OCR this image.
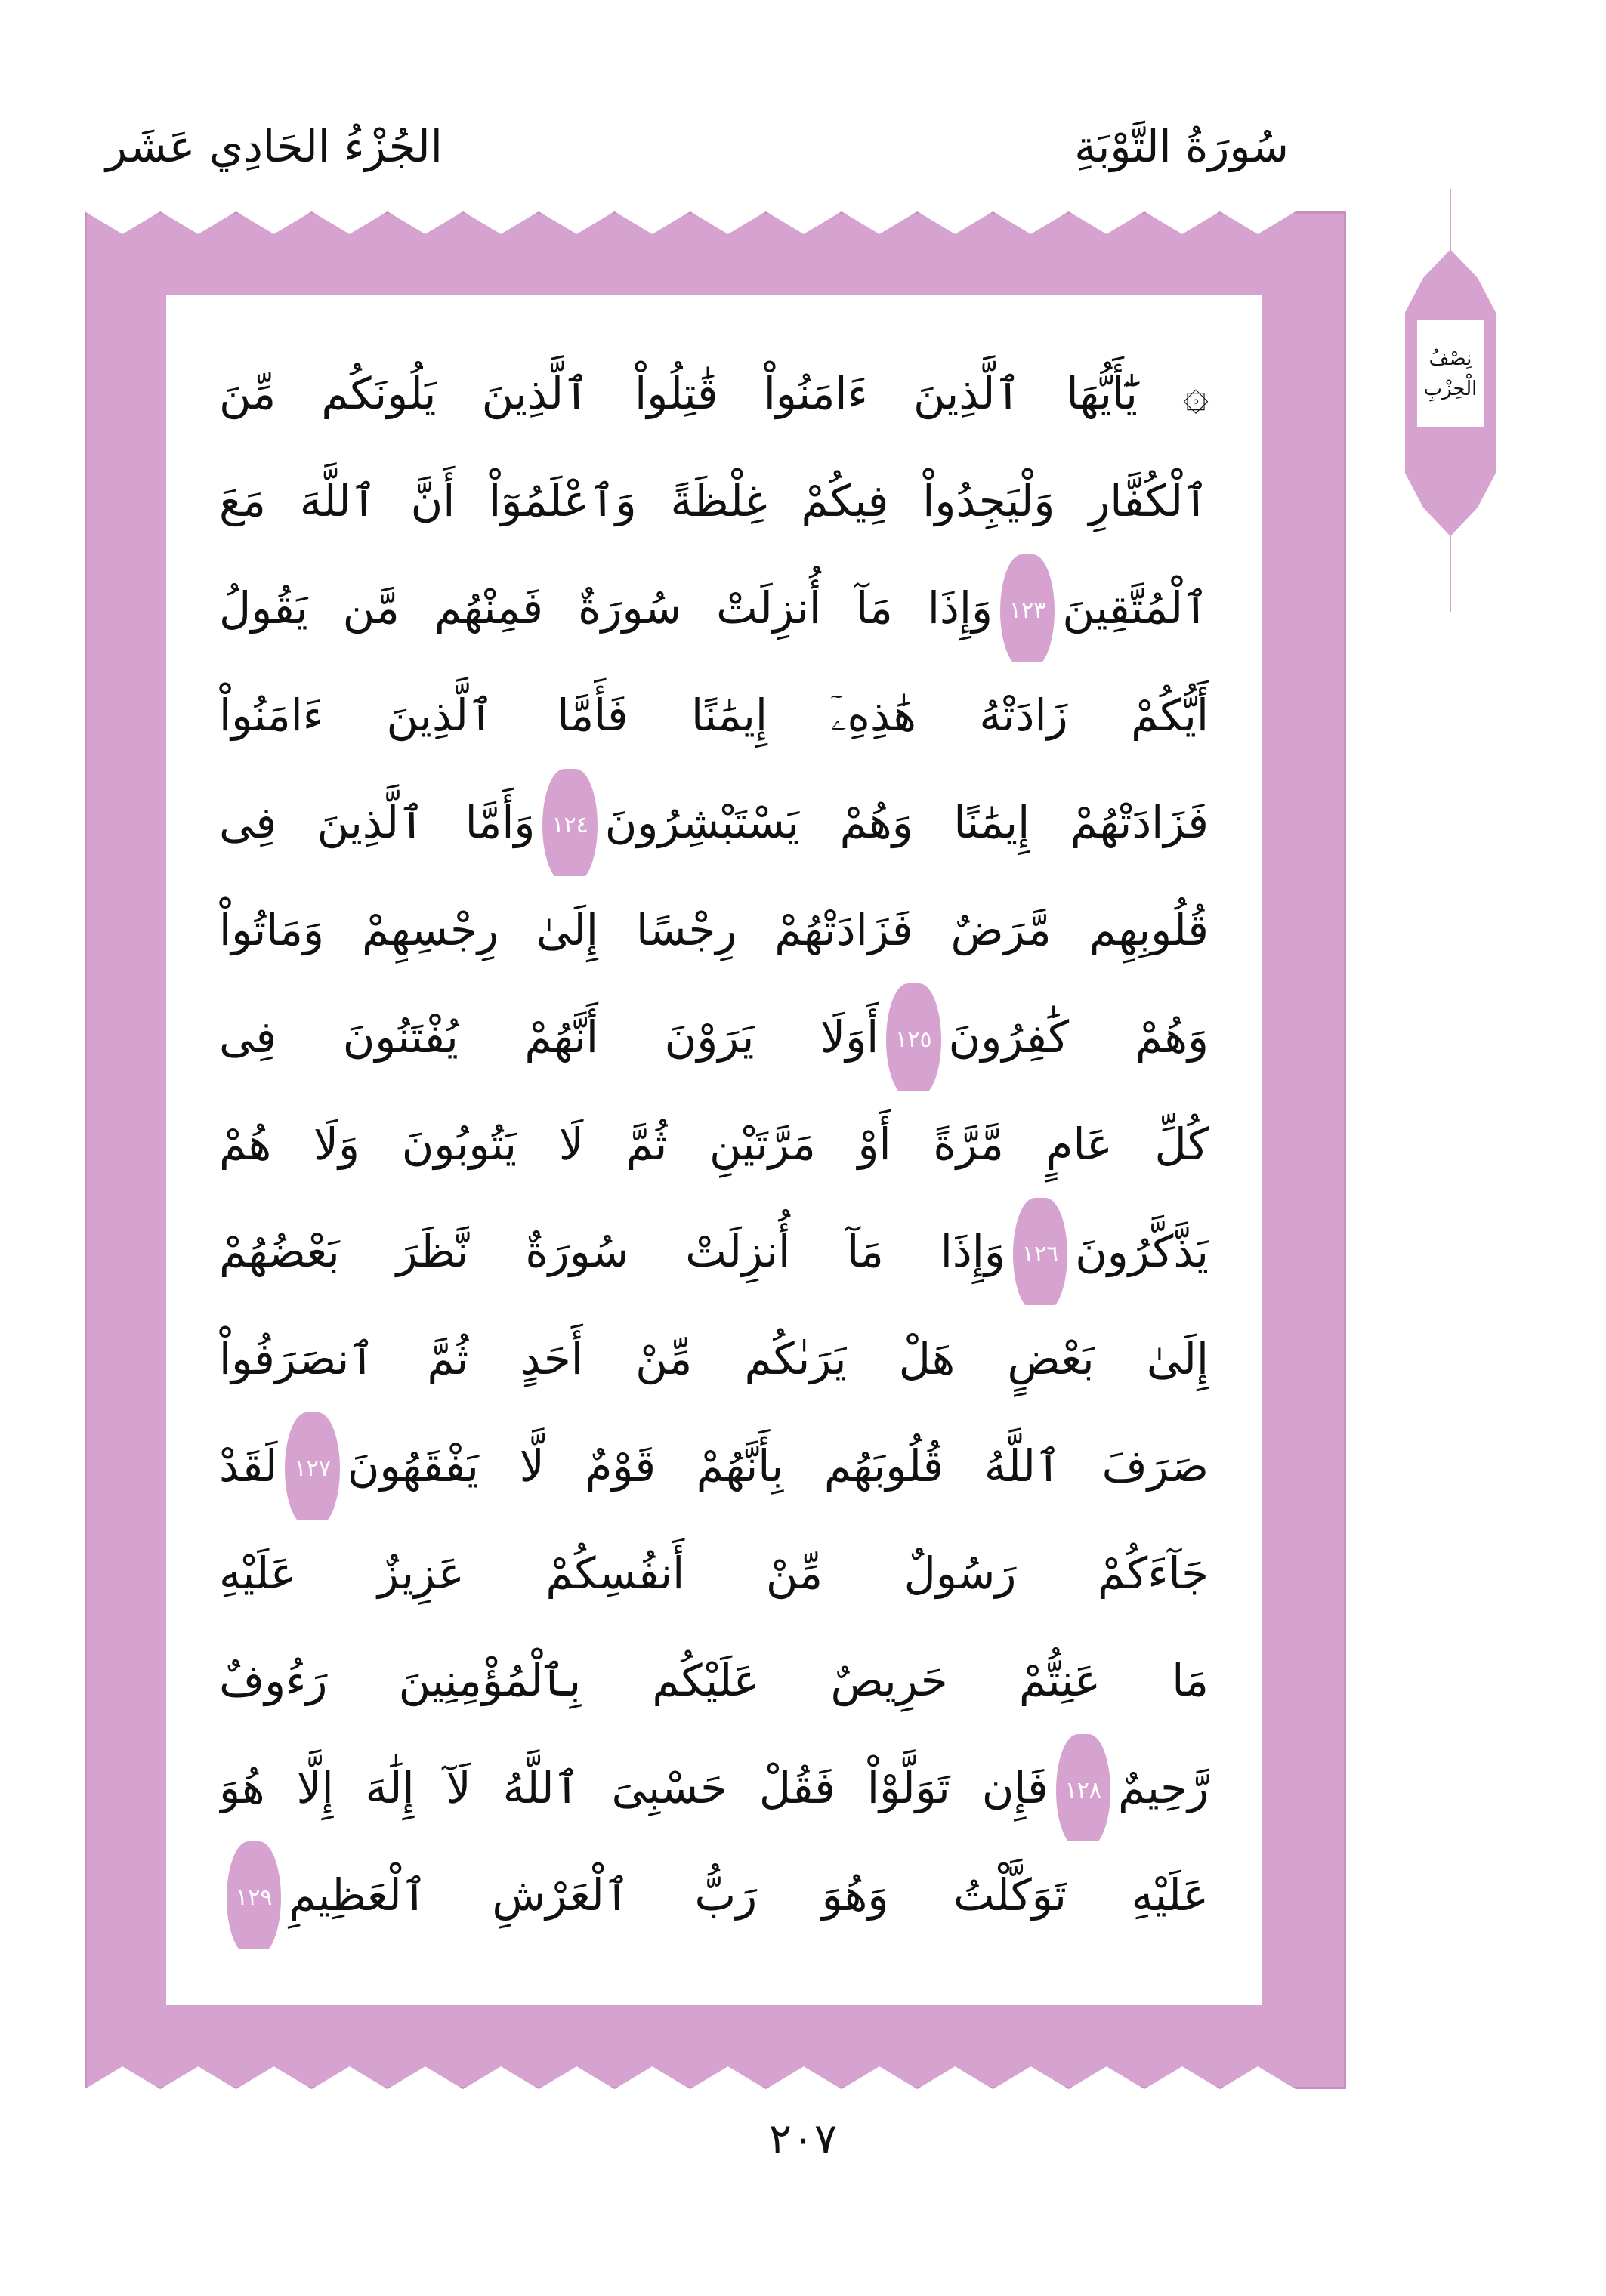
سُورَةُ التَّوْبَةِ
الجُزْءُ الحَادِي عَشَر
۞ يَٰٓأَيُّهَا ٱلَّذِينَ ءَامَنُواْ قَٰتِلُواْ ٱلَّذِينَ يَلُونَكُم مِّنَ
ٱلْكُفَّارِ وَلْيَجِدُواْ فِيكُمْ غِلْظَةً وَٱعْلَمُوٓاْ أَنَّ ٱللَّهَ مَعَ
ٱلْمُتَّقِينَ١٢٣وَإِذَا مَآ أُنزِلَتْ سُورَةٌ فَمِنْهُم مَّن يَقُولُ
أَيُّكُمْ زَادَتْهُ هَٰذِهِۦٓ إِيمَٰنًا فَأَمَّا ٱلَّذِينَ ءَامَنُواْ
فَزَادَتْهُمْ إِيمَٰنًا وَهُمْ يَسْتَبْشِرُونَ١٢٤وَأَمَّا ٱلَّذِينَ فِى
قُلُوبِهِم مَّرَضٌ فَزَادَتْهُمْ رِجْسًا إِلَىٰ رِجْسِهِمْ وَمَاتُواْ
وَهُمْ كَٰفِرُونَ١٢٥أَوَلَا يَرَوْنَ أَنَّهُمْ يُفْتَنُونَ فِى
كُلِّ عَامٍ مَّرَّةً أَوْ مَرَّتَيْنِ ثُمَّ لَا يَتُوبُونَ وَلَا هُمْ
يَذَّكَّرُونَ١٢٦وَإِذَا مَآ أُنزِلَتْ سُورَةٌ نَّظَرَ بَعْضُهُمْ
إِلَىٰ بَعْضٍ هَلْ يَرَىٰكُم مِّنْ أَحَدٍ ثُمَّ ٱنصَرَفُواْ
صَرَفَ ٱللَّهُ قُلُوبَهُم بِأَنَّهُمْ قَوْمٌ لَّا يَفْقَهُونَ١٢٧لَقَدْ
جَآءَكُمْ رَسُولٌ مِّنْ أَنفُسِكُمْ عَزِيزٌ عَلَيْهِ
مَا عَنِتُّمْ حَرِيصٌ عَلَيْكُم بِٱلْمُؤْمِنِينَ رَءُوفٌ
رَّحِيمٌ١٢٨فَإِن تَوَلَّوْاْ فَقُلْ حَسْبِىَ ٱللَّهُ لَآ إِلَٰهَ إِلَّا هُوَ
عَلَيْهِ تَوَكَّلْتُ وَهُوَ رَبُّ ٱلْعَرْشِ ٱلْعَظِيمِ١٢٩
نِصْفُ
الْحِزْبِ
٢٠٧
